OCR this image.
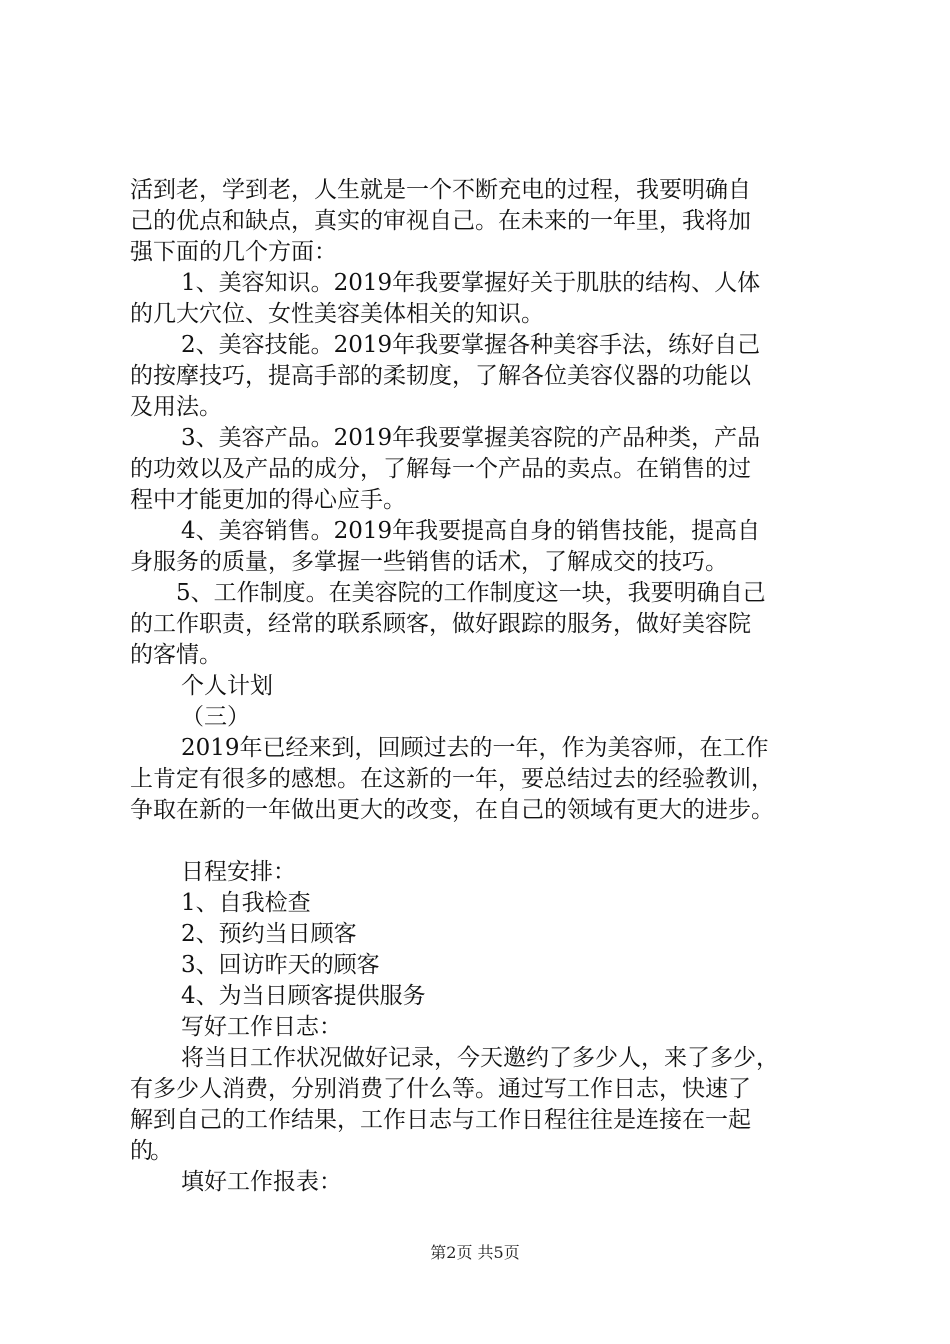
活到老，学到老，人生就是一个不断充电的过程，我要明确自
己的优点和缺点，真实的审视自己。在未来的一年里，我将加
强下面的几个方面：
1、美容知识。2019年我要掌握好关于肌肤的结构、人体
的几大穴位、女性美容美体相关的知识。
2、美容技能。2019年我要掌握各种美容手法，练好自己
的按摩技巧，提高手部的柔韧度，了解各位美容仪器的功能以
及用法。
3、美容产品。2019年我要掌握美容院的产品种类，产品
的功效以及产品的成分，了解每一个产品的卖点。在销售的过
程中才能更加的得心应手。
4、美容销售。2019年我要提高自身的销售技能，提高自
身服务的质量，多掌握一些销售的话术，了解成交的技巧。
5、工作制度。在美容院的工作制度这一块，我要明确自己
的工作职责，经常的联系顾客，做好跟踪的服务，做好美容院
的客情。
个人计划
（三）
2019年已经来到，回顾过去的一年，作为美容师，在工作
上肯定有很多的感想。在这新的一年，要总结过去的经验教训，
争取在新的一年做出更大的改变，在自己的领域有更大的进步。
日程安排：
1、自我检查
2、预约当日顾客
3、回访昨天的顾客
4、为当日顾客提供服务
写好工作日志：
将当日工作状况做好记录，今天邀约了多少人，来了多少，
有多少人消费，分别消费了什么等。通过写工作日志，快速了
解到自己的工作结果，工作日志与工作日程往往是连接在一起
的。
填好工作报表：
第2页 共5页
